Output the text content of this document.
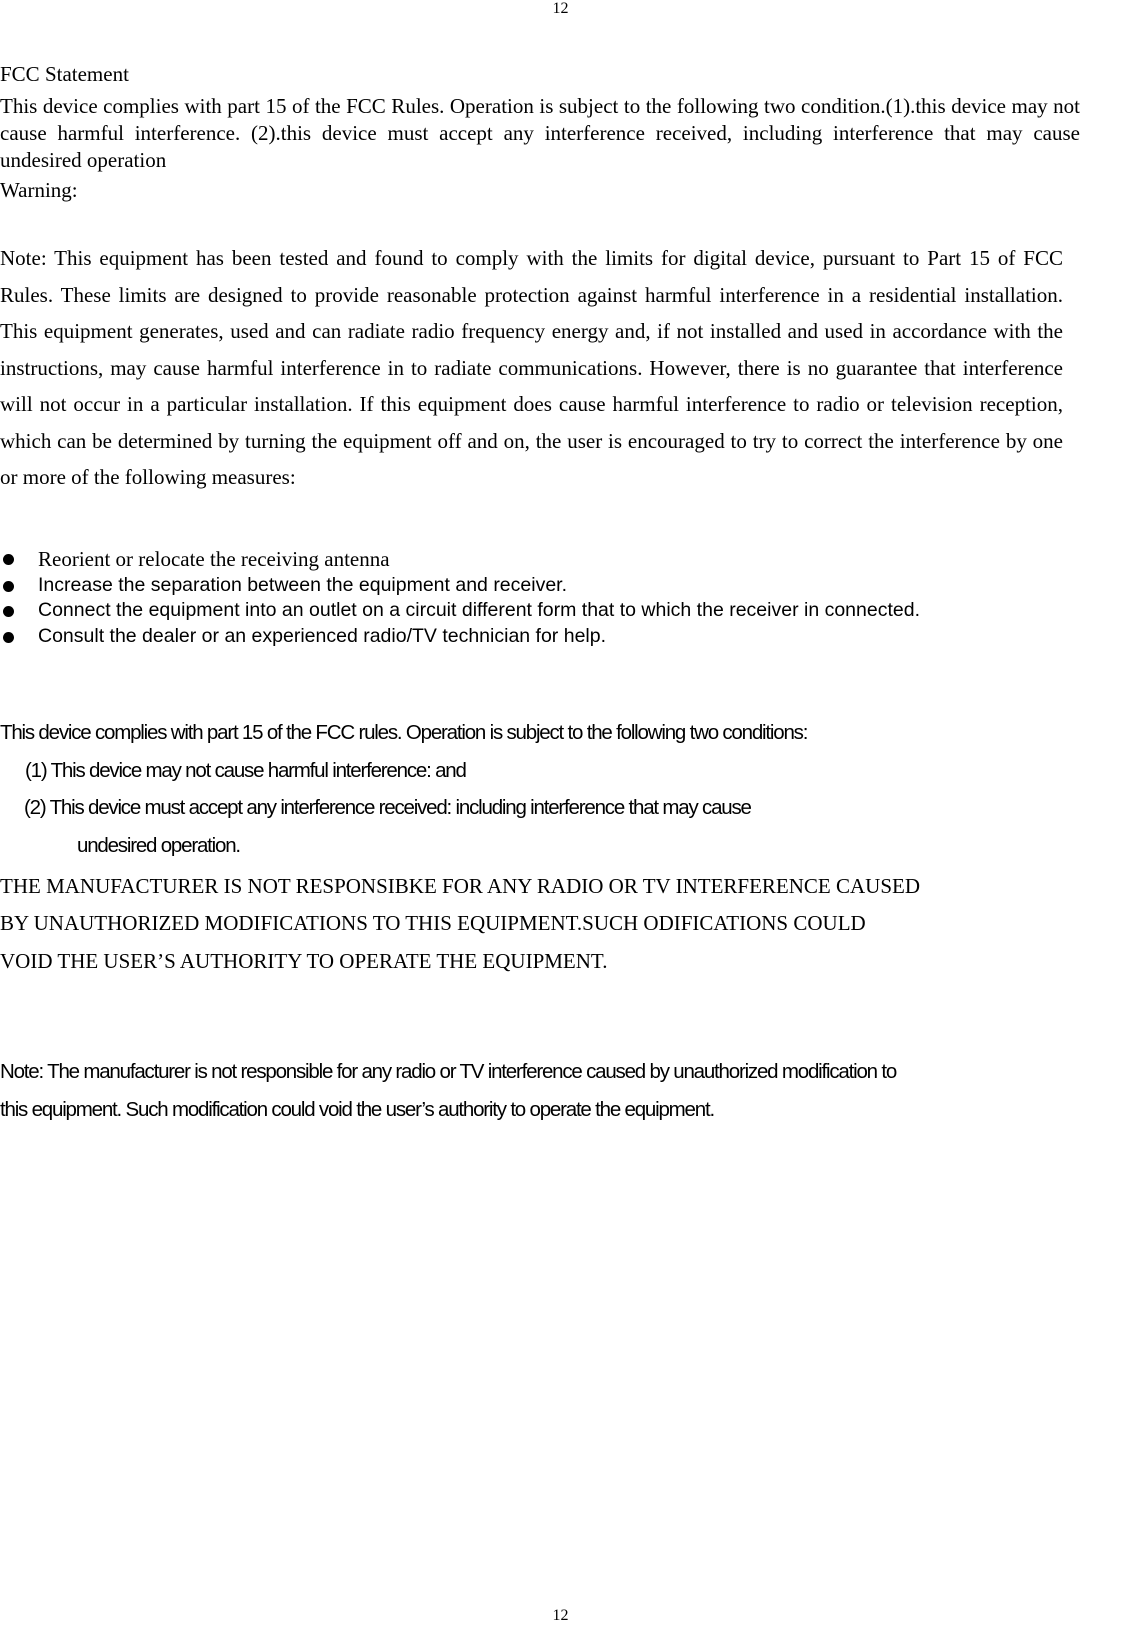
12
FCC Statement
This device complies with part 15 of the FCC Rules. Operation is subject to the following two condition.(1).this device may not cause harmful interference. (2).this device must accept any interference received, including interference that may cause undesired operation
Warning:
Note: This equipment has been tested and found to comply with the limits for digital device, pursuant to Part 15 of FCC Rules. These limits are designed to provide reasonable protection against harmful interference in a residential installation. This equipment generates, used and can radiate radio frequency energy and, if not installed and used in accordance with the instructions, may cause harmful interference in to radiate communications. However, there is no guarantee that interference will not occur in a particular installation. If this equipment does cause harmful interference to radio or television reception, which can be determined by turning the equipment off and on, the user is encouraged to try to correct the interference by one or more of the following measures:
Reorient or relocate the receiving antenna
Increase the separation between the equipment and receiver.
Connect the equipment into an outlet on a circuit different form that to which the receiver in connected.
Consult the dealer or an experienced radio/TV technician for help.
This device complies with part 15 of the FCC rules. Operation is subject to the following two conditions:
(1) This device may not cause harmful interference: and
(2) This device must accept any interference received: including interference that may cause
undesired operation.
THE MANUFACTURER IS NOT RESPONSIBKE FOR ANY RADIO OR TV INTERFERENCE CAUSED
BY UNAUTHORIZED MODIFICATIONS TO THIS EQUIPMENT.SUCH ODIFICATIONS COULD
VOID THE USER’S AUTHORITY TO OPERATE THE EQUIPMENT.
Note: The manufacturer is not responsible for any radio or TV interference caused by unauthorized modification to
this equipment. Such modification could void the user’s authority to operate the equipment.
12
